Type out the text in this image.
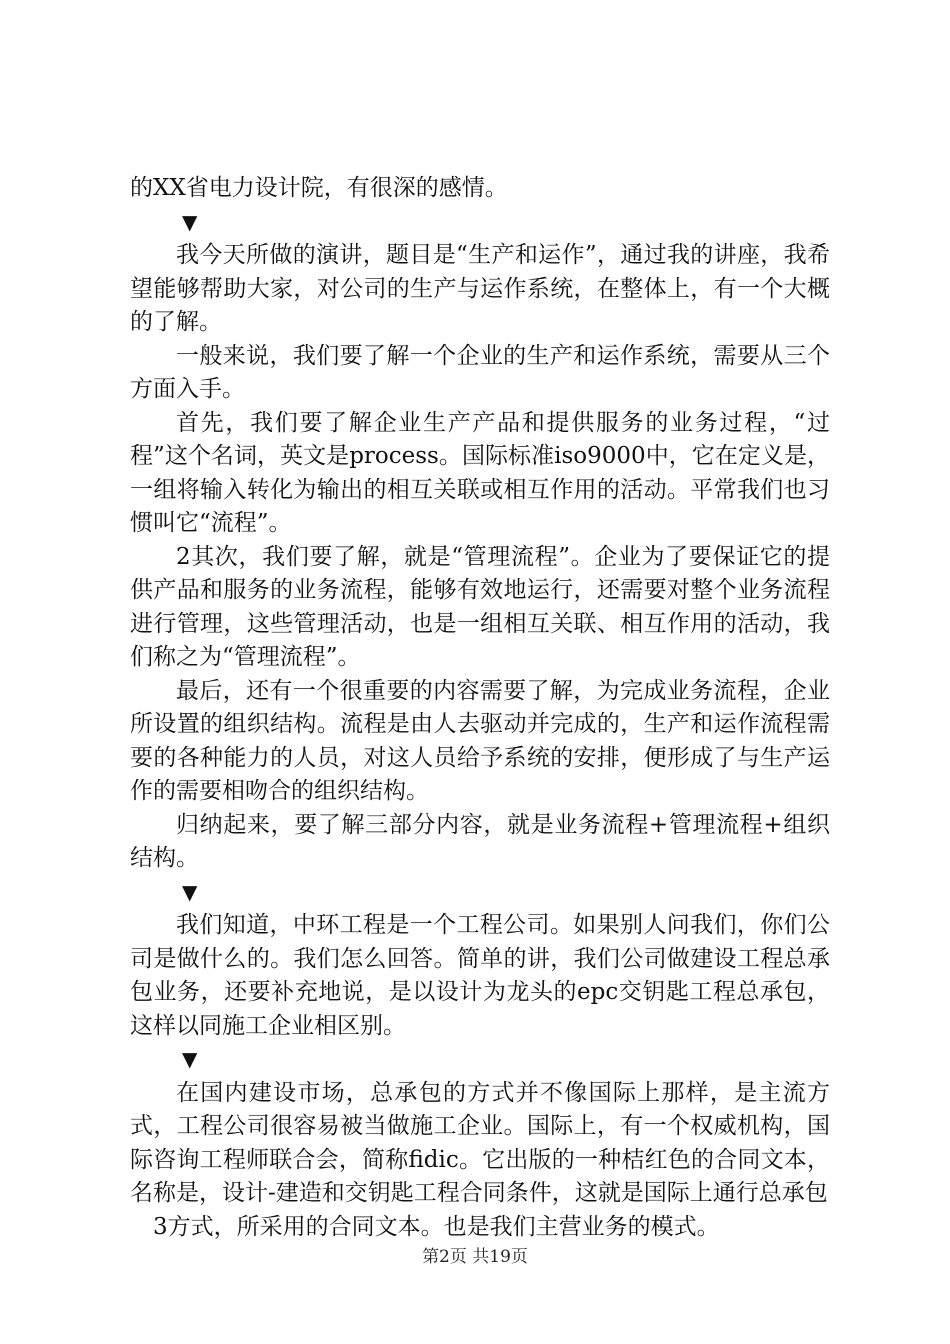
的XX省电力设计院，有很深的感情。

▼

我今天所做的演讲，题目是“生产和运作”，通过我的讲座，我希望能够帮助大家，对公司的生产与运作系统，在整体上，有一个大概的了解。

一般来说，我们要了解一个企业的生产和运作系统，需要从三个方面入手。

首先，我们要了解企业生产产品和提供服务的业务过程，“过程”这个名词，英文是process。国际标准iso9000中，它在定义是，一组将输入转化为输出的相互关联或相互作用的活动。平常我们也习惯叫它“流程”。

2其次，我们要了解，就是“管理流程”。企业为了要保证它的提供产品和服务的业务流程，能够有效地运行，还需要对整个业务流程进行管理，这些管理活动，也是一组相互关联、相互作用的活动，我们称之为“管理流程”。

最后，还有一个很重要的内容需要了解，为完成业务流程，企业所设置的组织结构。流程是由人去驱动并完成的，生产和运作流程需要的各种能力的人员，对这人员给予系统的安排，便形成了与生产运作的需要相吻合的组织结构。

归纳起来，要了解三部分内容，就是业务流程+管理流程+组织结构。

▼

我们知道，中环工程是一个工程公司。如果别人问我们，你们公司是做什么的。我们怎么回答。简单的讲，我们公司做建设工程总承包业务，还要补充地说，是以设计为龙头的epc交钥匙工程总承包，这样以同施工企业相区别。

▼

在国内建设市场，总承包的方式并不像国际上那样，是主流方式，工程公司很容易被当做施工企业。国际上，有一个权威机构，国际咨询工程师联合会，简称fidic。它出版的一种桔红色的合同文本，名称是，设计-建造和交钥匙工程合同条件，这就是国际上通行总承包

3方式，所采用的合同文本。也是我们主营业务的模式。

第2页 共19页
